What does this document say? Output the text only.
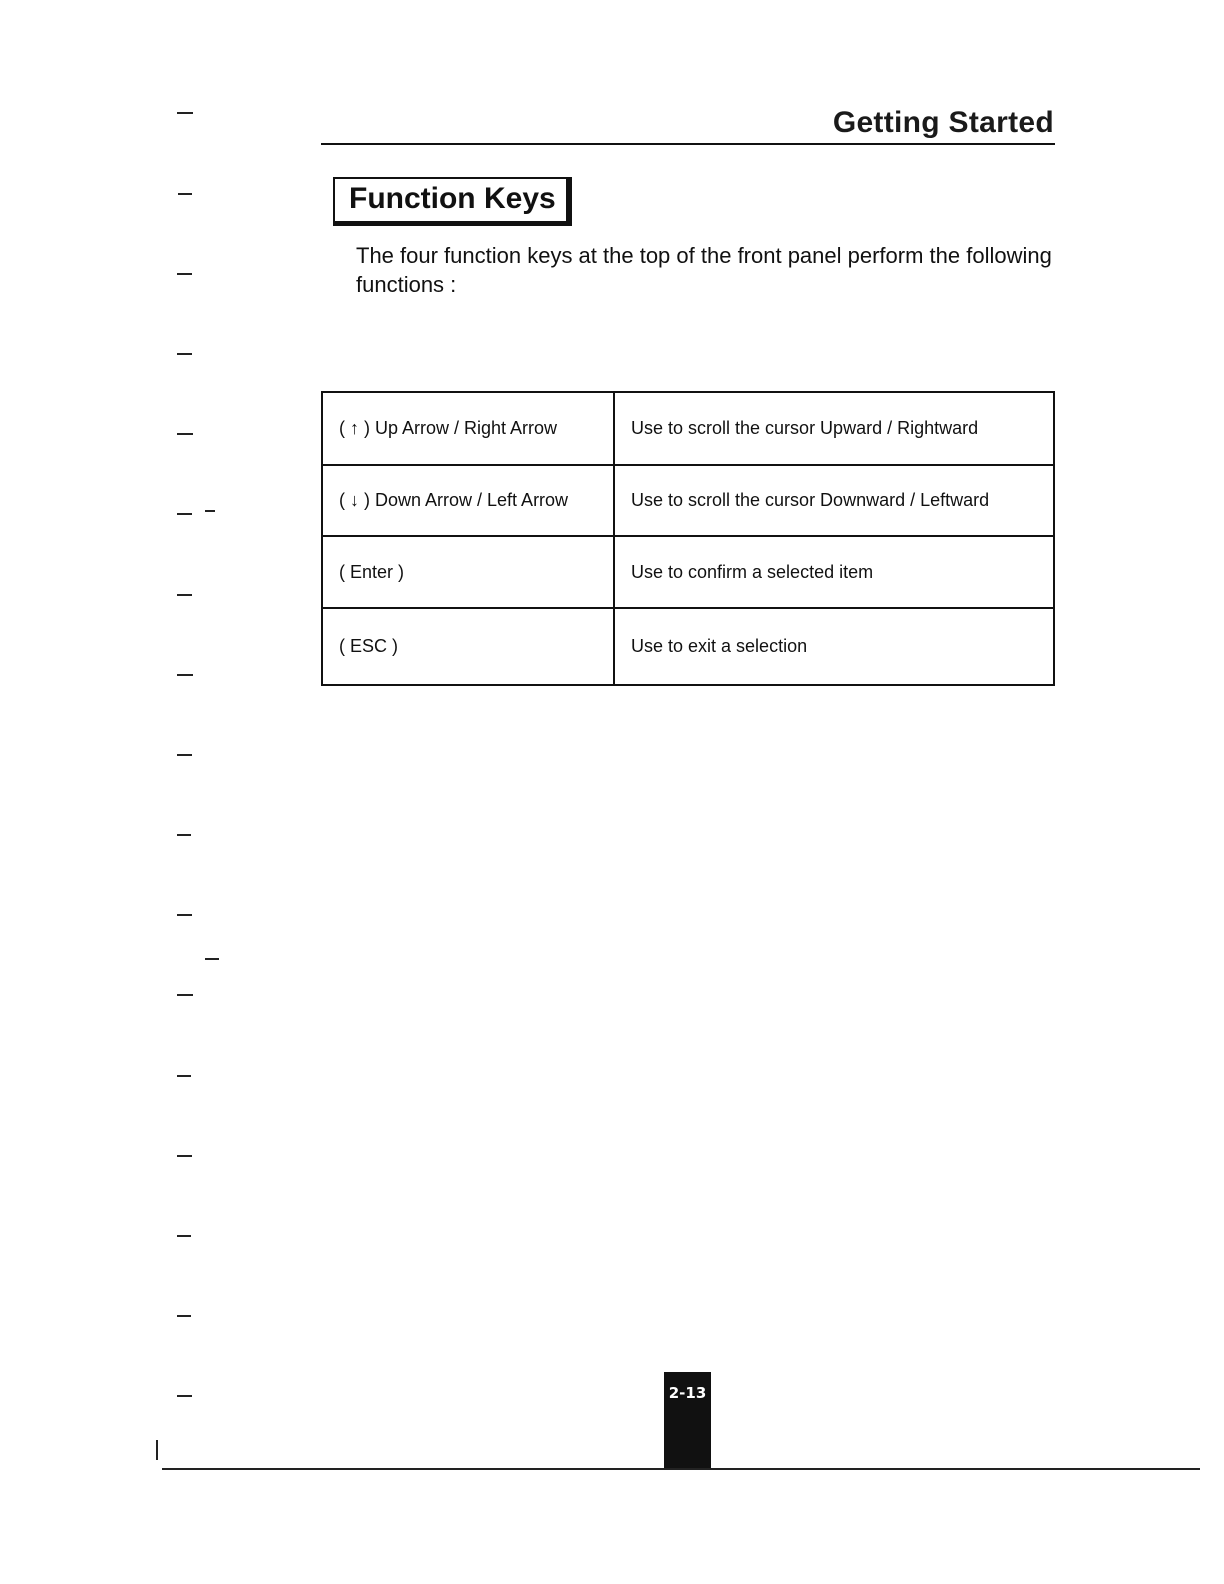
Getting Started
Function Keys
The four function keys at the top of the front panel perform the following functions :
( ↑ ) Up Arrow / Right Arrow	Use to scroll the cursor Upward / Rightward
( ↓ ) Down Arrow / Left Arrow	Use to scroll the cursor Downward / Leftward
( Enter )	Use to confirm a selected item
( ESC )	Use to exit a selection
2-13
